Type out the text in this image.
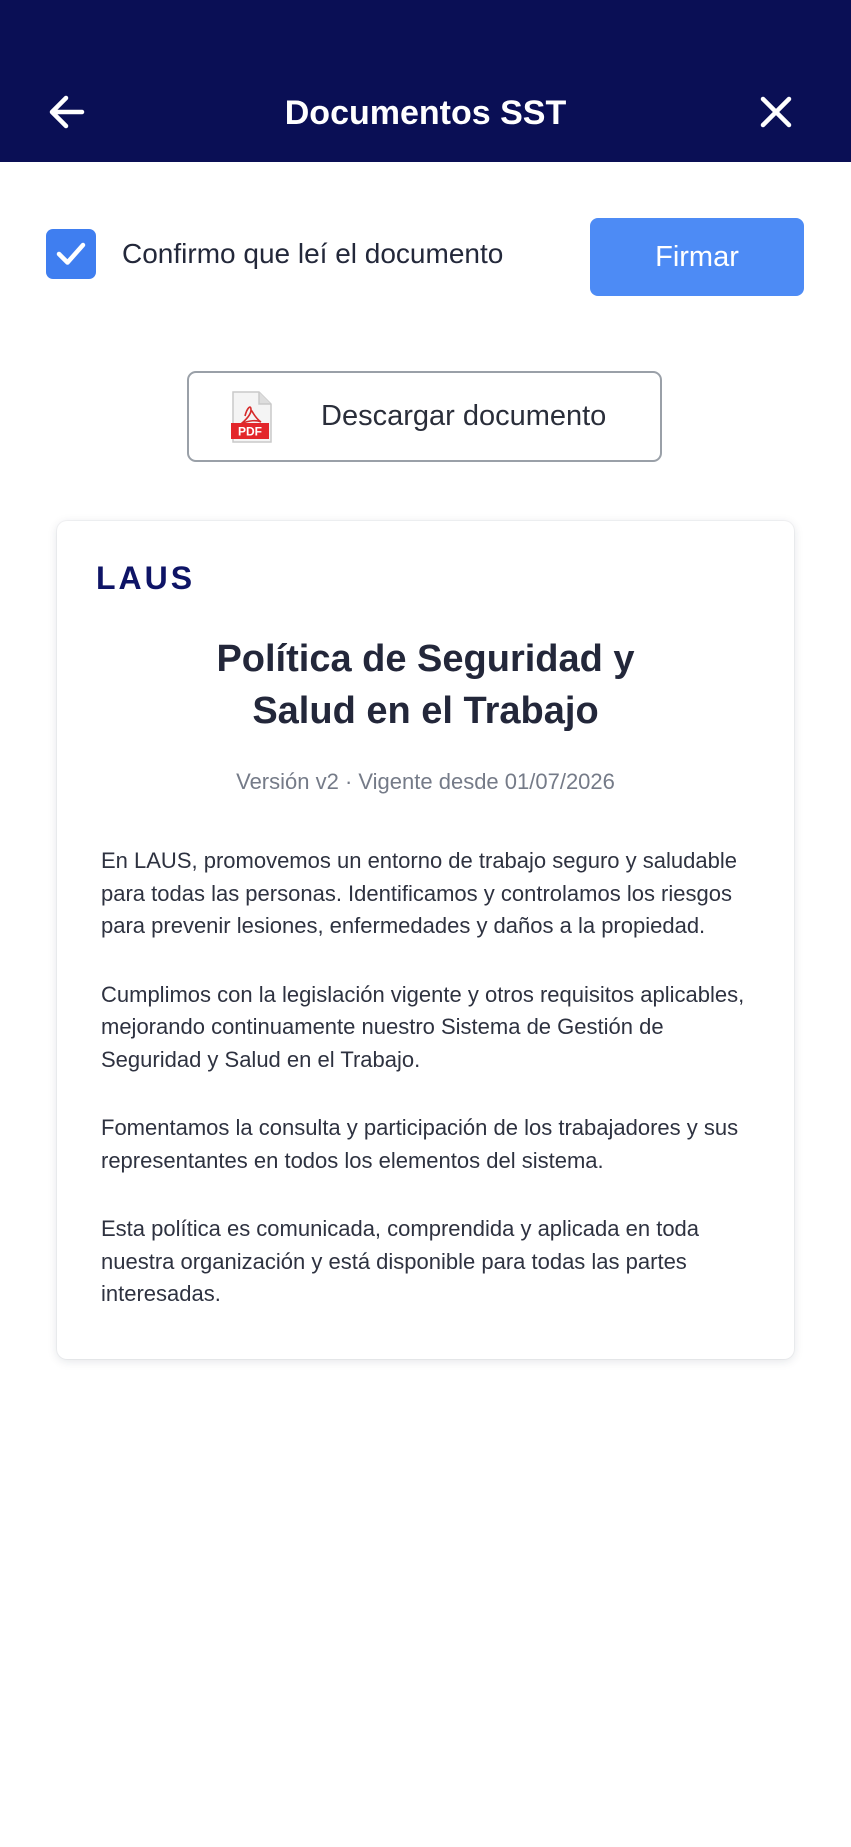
Documentos SST
Confirmo que leí el documento	Firmar
PDF Descargar documento
LAUS
Política de Seguridad y
Salud en el Trabajo
Versión v2 · Vigente desde 01/07/2026

En LAUS, promovemos un entorno de trabajo seguro y saludable para todas las personas. Identificamos y controlamos los riesgos para prevenir lesiones, enfermedades y daños a la propiedad.

Cumplimos con la legislación vigente y otros requisitos aplicables, mejorando continuamente nuestro Sistema de Gestión de Seguridad y Salud en el Trabajo.

Fomentamos la consulta y participación de los trabajadores y sus representantes en todos los elementos del sistema.

Esta política es comunicada, comprendida y aplicada en toda nuestra organización y está disponible para todas las partes interesadas.
